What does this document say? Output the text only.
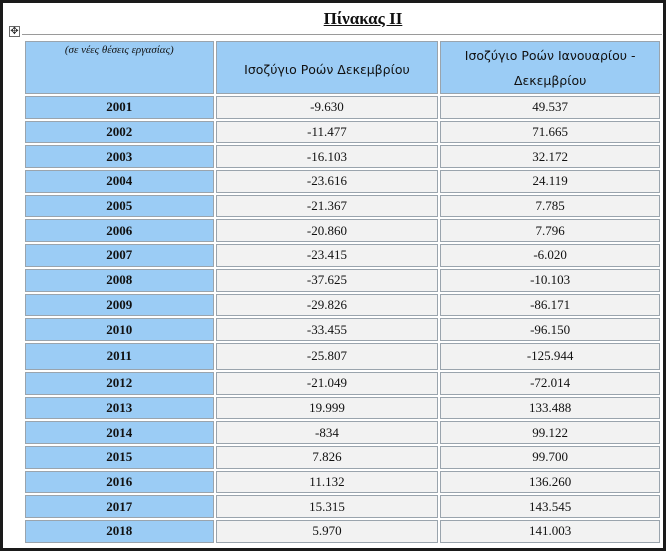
✥
Πίνακας ΙΙ
(σε νέες θέσεις εργασίας)	Ισοζύγιο Ροών Δεκεμβρίου	Ισοζύγιο Ροών Ιανουαρίου - Δεκεμβρίου
2001	-9.630	49.537
2002	-11.477	71.665
2003	-16.103	32.172
2004	-23.616	24.119
2005	-21.367	7.785
2006	-20.860	7.796
2007	-23.415	-6.020
2008	-37.625	-10.103
2009	-29.826	-86.171
2010	-33.455	-96.150
2011	-25.807	-125.944
2012	-21.049	-72.014
2013	19.999	133.488
2014	-834	99.122
2015	7.826	99.700
2016	11.132	136.260
2017	15.315	143.545
2018	5.970	141.003
